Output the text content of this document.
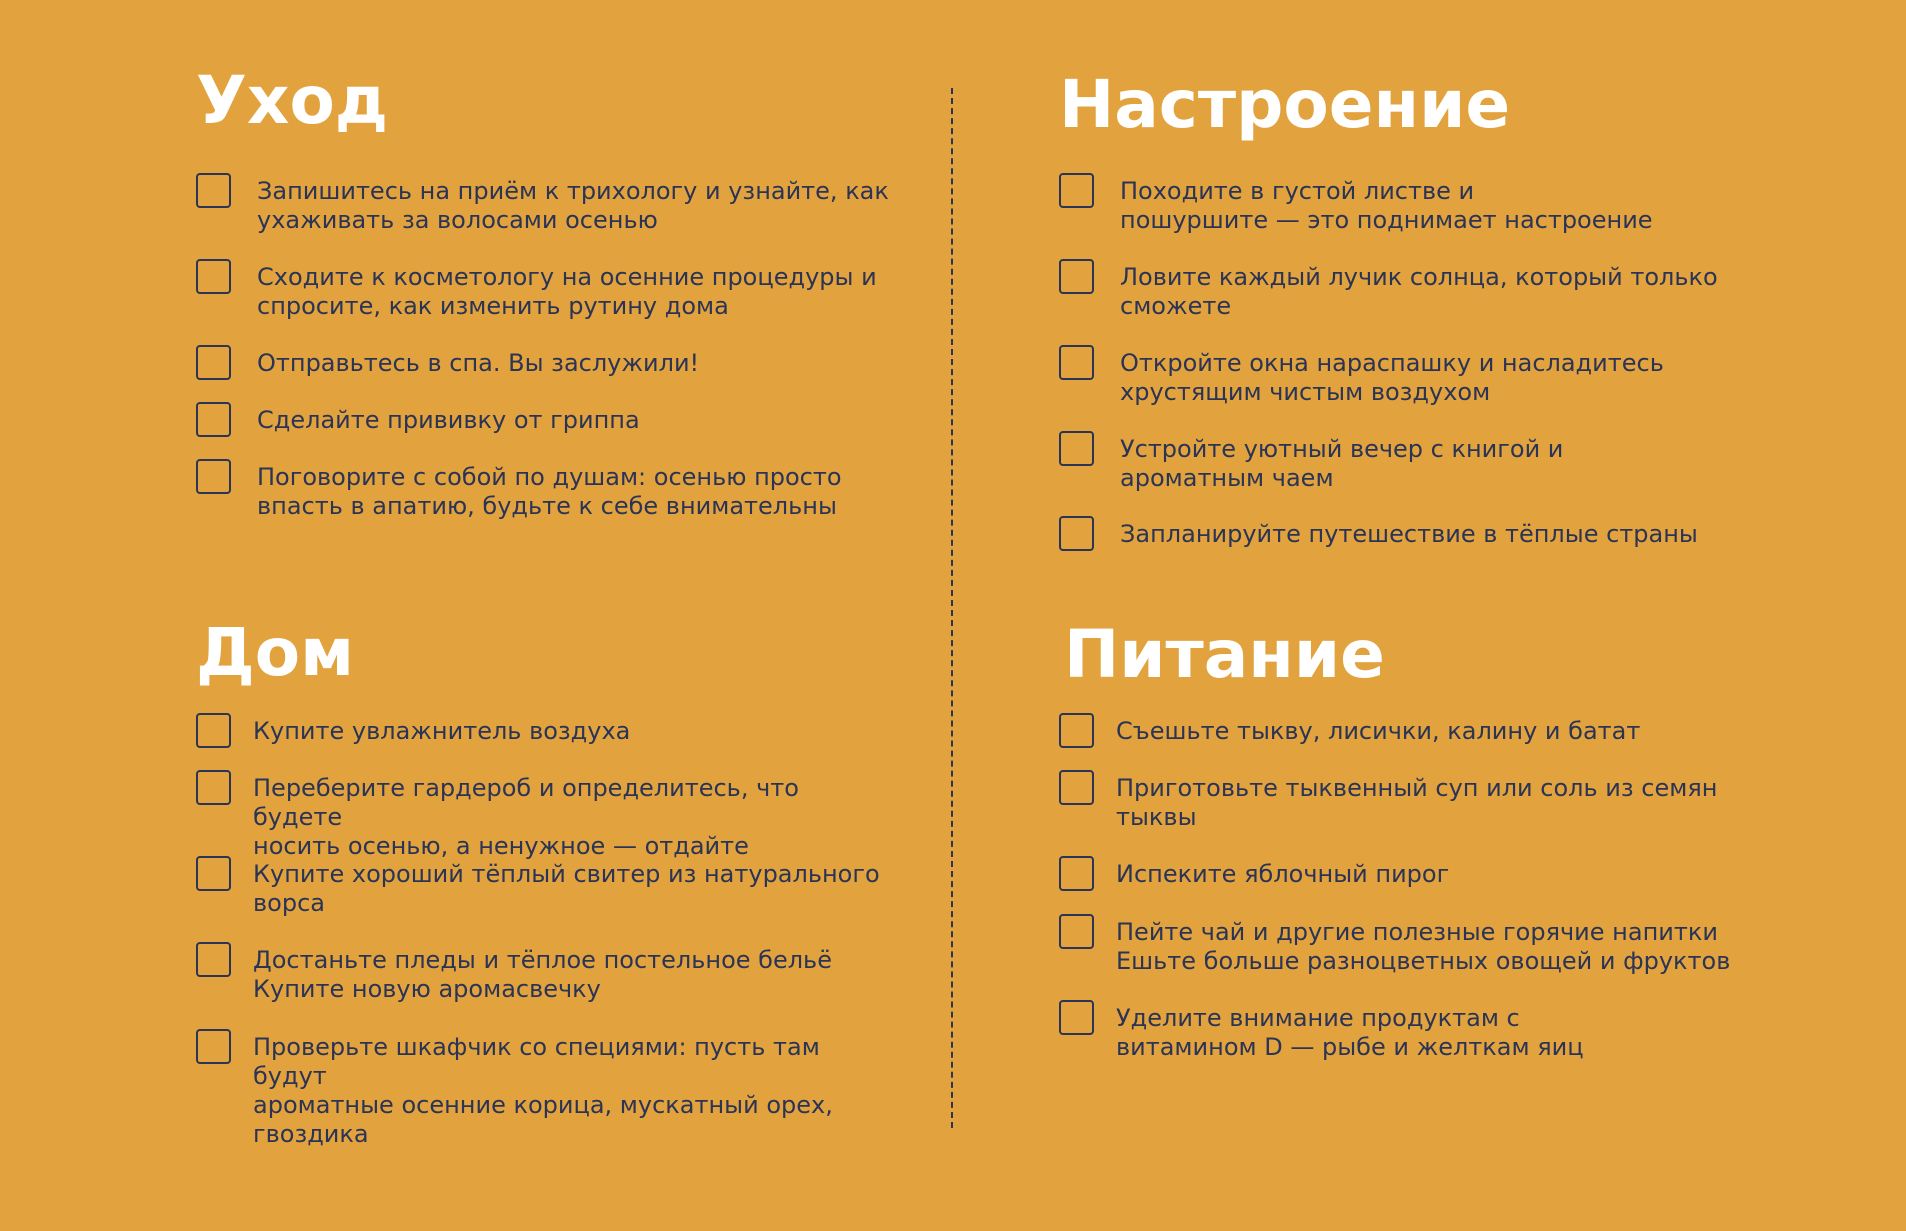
Уход
Запишитесь на приём к трихологу и узнайте, как
ухаживать за волосами осенью
Сходите к косметологу на осенние процедуры и
спросите, как изменить рутину дома
Отправьтесь в спа. Вы заслужили!
Сделайте прививку от гриппа
Поговорите с собой по душам: осенью просто
впасть в апатию, будьте к себе внимательны
Настроение
Походите в густой листве и
пошуршите — это поднимает настроение
Ловите каждый лучик солнца, который только
сможете
Откройте окна нараспашку и насладитесь
хрустящим чистым воздухом
Устройте уютный вечер с книгой и
ароматным чаем
Запланируйте путешествие в тёплые страны
Дом
Купите увлажнитель воздуха
Переберите гардероб и определитесь, что будете
носить осенью, а ненужное — отдайте
Купите хороший тёплый свитер из натурального
ворса
Достаньте пледы и тёплое постельное бельё
Купите новую аромасвечку
Проверьте шкафчик со специями: пусть там будут
ароматные осенние корица, мускатный орех,
гвоздика
Питание
Съешьте тыкву, лисички, калину и батат
Приготовьте тыквенный суп или соль из семян
тыквы
Испеките яблочный пирог
Пейте чай и другие полезные горячие напитки
Ешьте больше разноцветных овощей и фруктов
Уделите внимание продуктам с
витамином D — рыбе и желткам яиц
